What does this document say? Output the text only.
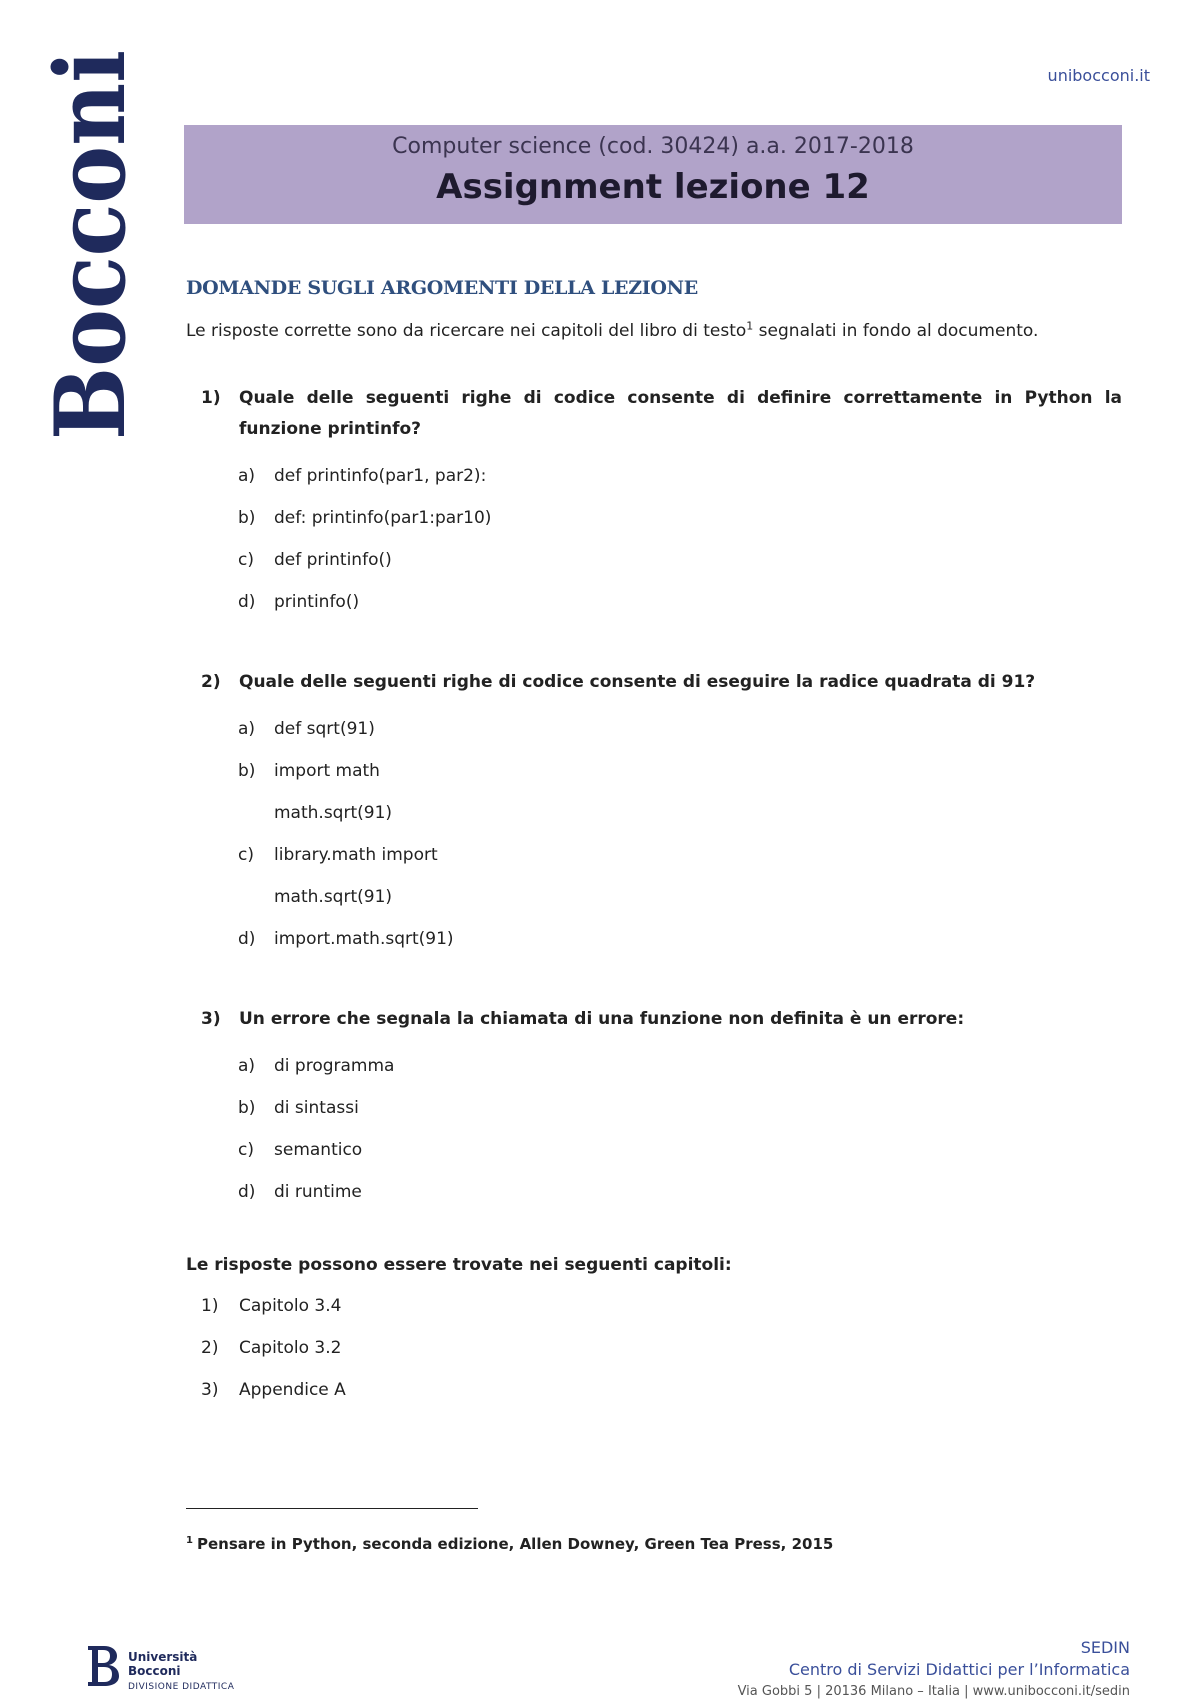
Bocconi	unibocconi.it
Computer science (cod. 30424) a.a. 2017-2018
Assignment lezione 12
DOMANDE SUGLI ARGOMENTI DELLA LEZIONE

Le risposte corrette sono da ricercare nei capitoli del libro di testo$^1$ segnalati in fondo al documento.

1)	Quale delle seguenti righe di codice consente di definire correttamente in Python la funzione printinfo?
a)	def printinfo(par1, par2):
b)	def: printinfo(par1:par10)
c)	def printinfo()
d)	printinfo()
2)	Quale delle seguenti righe di codice consente di eseguire la radice quadrata di 91?
a)	def sqrt(91)
b)	import math
math.sqrt(91)
c)	library.math import
math.sqrt(91)
d)	import.math.sqrt(91)
3)	Un errore che segnala la chiamata di una funzione non definita è un errore:
a)	di programma
b)	di sintassi
c)	semantico
d)	di runtime
Le risposte possono essere trovate nei seguenti capitoli:
1)	Capitolo 3.4
2)	Capitolo 3.2
3)	Appendice A
$^1$ Pensare in Python, seconda edizione, Allen Downey, Green Tea Press, 2015
Università
Bocconi
DIVISIONE DIDATTICA
SEDIN
Centro di Servizi Didattici per l’Informatica
Via Gobbi 5 | 20136 Milano – Italia | www.unibocconi.it/sedin
